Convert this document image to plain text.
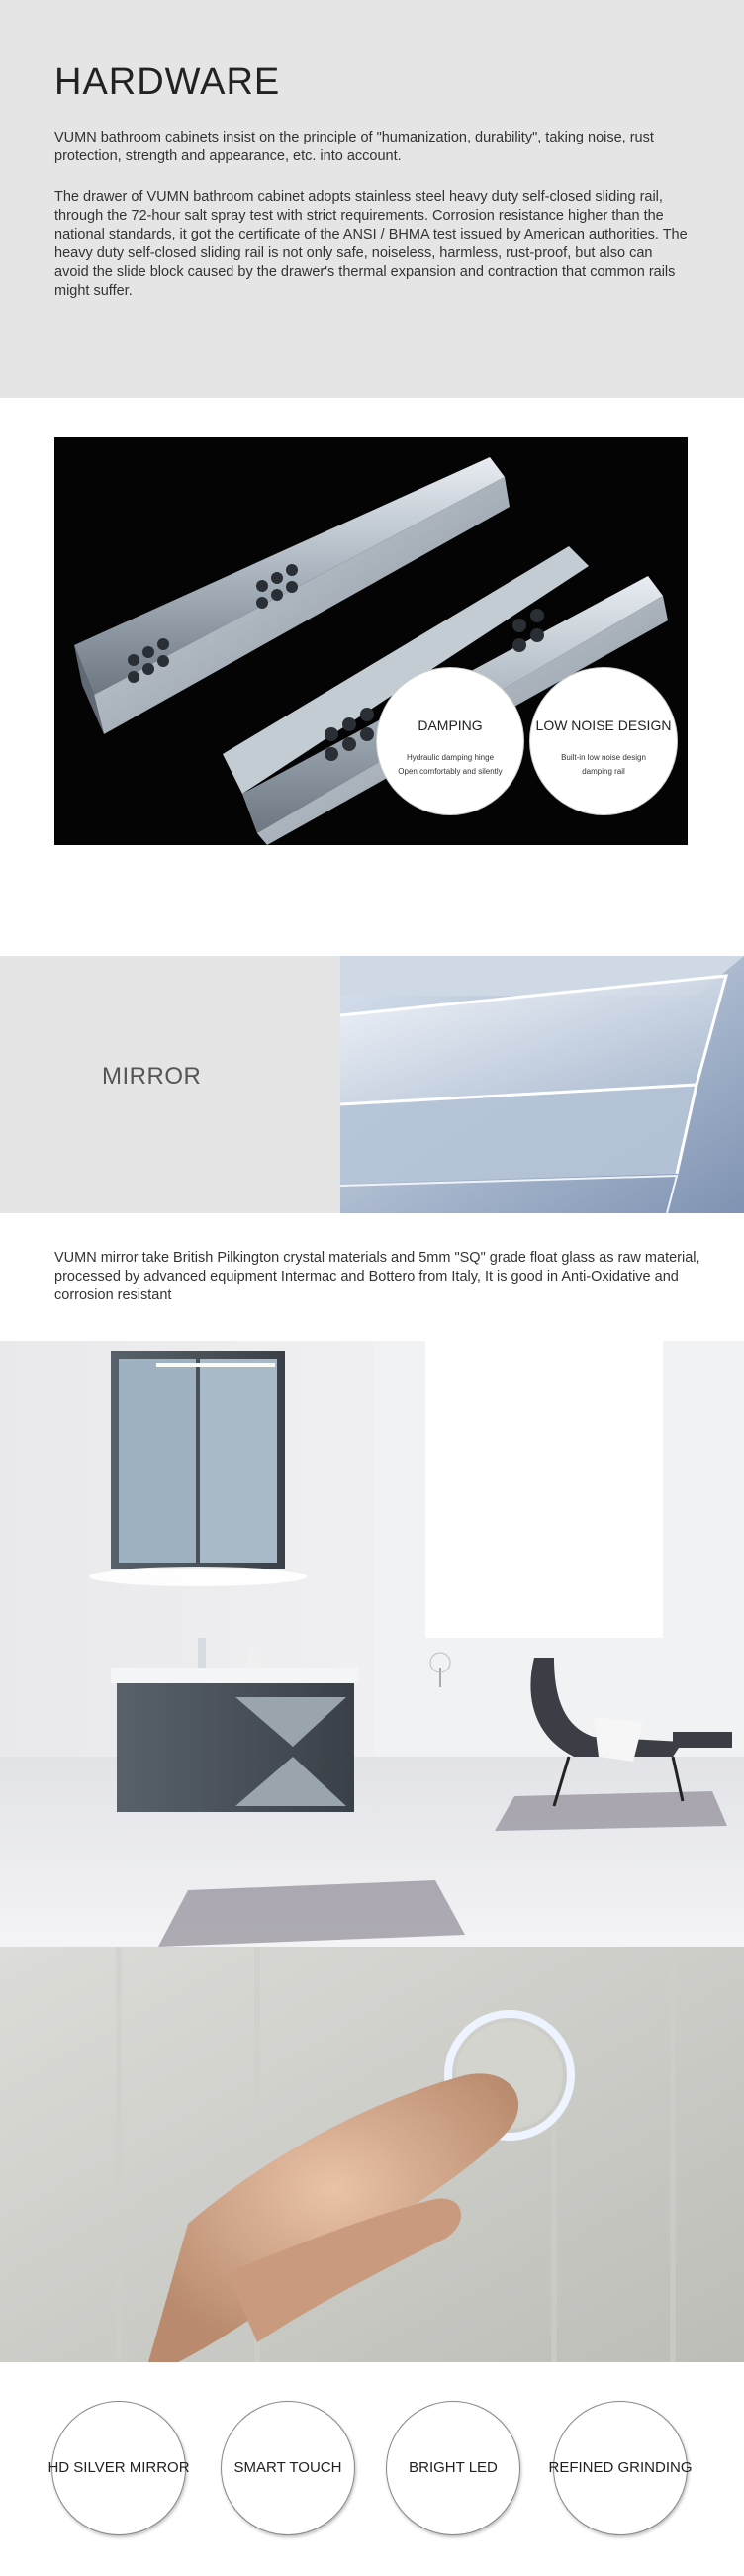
HARDWARE

VUMN bathroom cabinets insist on the principle of "humanization, durability", taking noise, rust protection, strength and appearance, etc. into account.

The drawer of VUMN bathroom cabinet adopts stainless steel heavy duty self-closed sliding rail, through the 72-hour salt spray test with strict requirements. Corrosion resistance higher than the national standards, it got the certificate of the ANSI / BHMA test issued by American authorities. The heavy duty self-closed sliding rail is not only safe, noiseless, harmless, rust-proof, but also can avoid the slide block caused by the drawer's thermal expansion and contraction that common rails might suffer.

DAMPING
Hydraulic damping hinge
Open comfortably and silently
LOW NOISE DESIGN
Built-in low noise design
damping rail
MIRROR

VUMN mirror take British Pilkington crystal materials and 5mm "SQ" grade float glass as raw material, processed by advanced equipment Intermac and Bottero from Italy, It is good in Anti-Oxidative and corrosion resistant

HD SILVER MIRROR	SMART TOUCH	BRIGHT LED	REFINED GRINDING
